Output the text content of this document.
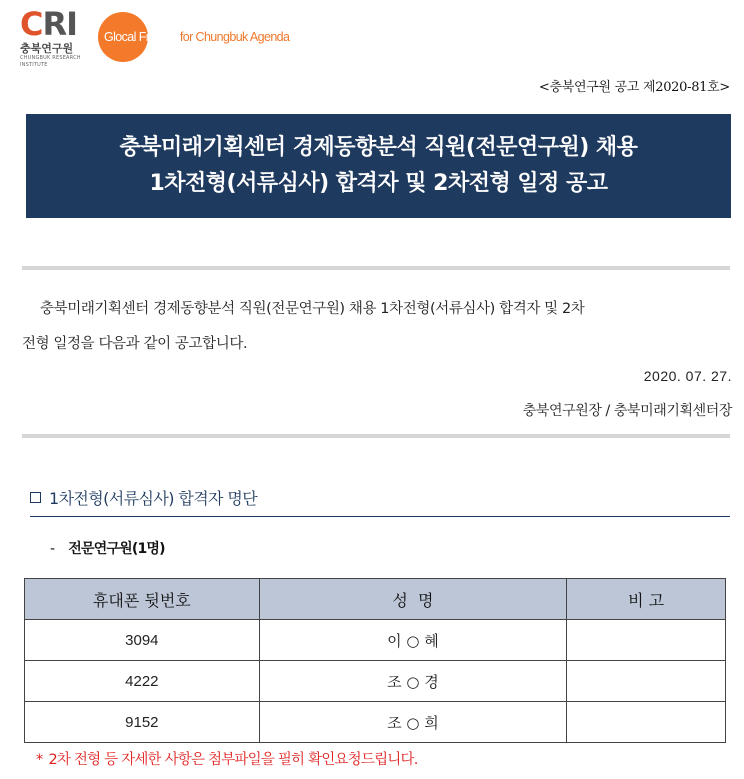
CRI
충북연구원
CHUNGBUK RESEARCH INSTITUTE
Glocal Frontier for Chungbuk Agenda
<충북연구원 공고 제2020-81호>
충북미래기획센터 경제동향분석 직원(전문연구원) 채용
1차전형(서류심사) 합격자 및 2차전형 일정 공고
충북미래기획센터 경제동향분석 직원(전문연구원) 채용 1차전형(서류심사) 합격자 및 2차
전형 일정을 다음과 같이 공고합니다.
2020. 07. 27.
충북연구원장 / 충북미래기획센터장
1차전형(서류심사) 합격자 명단
- 전문연구원(1명)
휴대폰 뒷번호	성  명	비 고
3094	이 ○ 혜	
4222	조 ○ 경	
9152	조 ○ 희	
* 2차 전형 등 자세한 사항은 첨부파일을 필히 확인요청드립니다.
